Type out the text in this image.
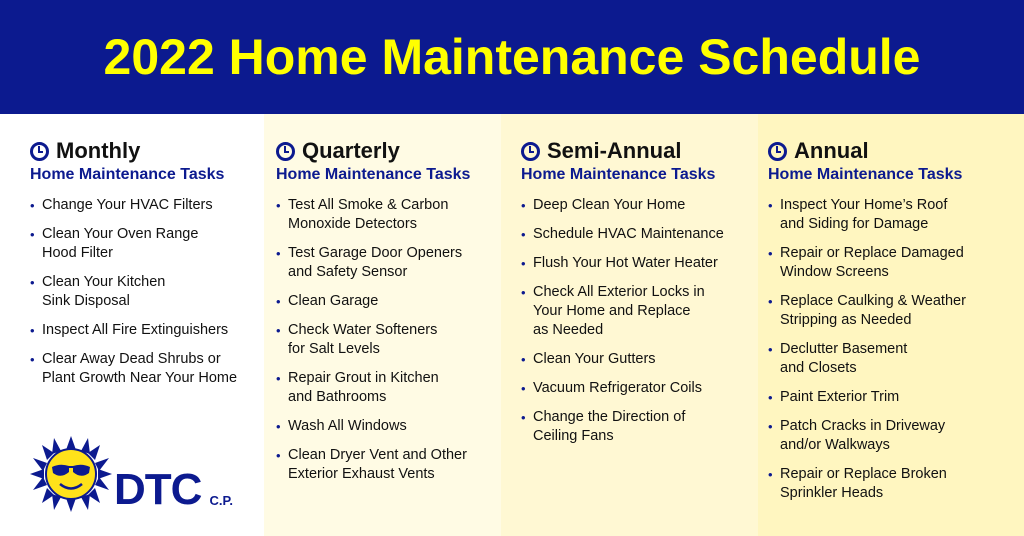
2022 Home Maintenance Schedule
Monthly
Home Maintenance Tasks
• Change Your HVAC Filters
• Clean Your Oven Range
Hood Filter
• Clean Your Kitchen
Sink Disposal
• Inspect All Fire Extinguishers
• Clear Away Dead Shrubs or
Plant Growth Near Your Home
DTC C.P.
Quarterly
Home Maintenance Tasks
• Test All Smoke & Carbon
Monoxide Detectors
• Test Garage Door Openers
and Safety Sensor
• Clean Garage
• Check Water Softeners
for Salt Levels
• Repair Grout in Kitchen
and Bathrooms
• Wash All Windows
• Clean Dryer Vent and Other
Exterior Exhaust Vents
Semi-Annual
Home Maintenance Tasks
• Deep Clean Your Home
• Schedule HVAC Maintenance
• Flush Your Hot Water Heater
• Check All Exterior Locks in
Your Home and Replace
as Needed
• Clean Your Gutters
• Vacuum Refrigerator Coils
• Change the Direction of
Ceiling Fans
Annual
Home Maintenance Tasks
• Inspect Your Home’s Roof
and Siding for Damage
• Repair or Replace Damaged
Window Screens
• Replace Caulking & Weather
Stripping as Needed
• Declutter Basement
and Closets
• Paint Exterior Trim
• Patch Cracks in Driveway
and/or Walkways
• Repair or Replace Broken
Sprinkler Heads
